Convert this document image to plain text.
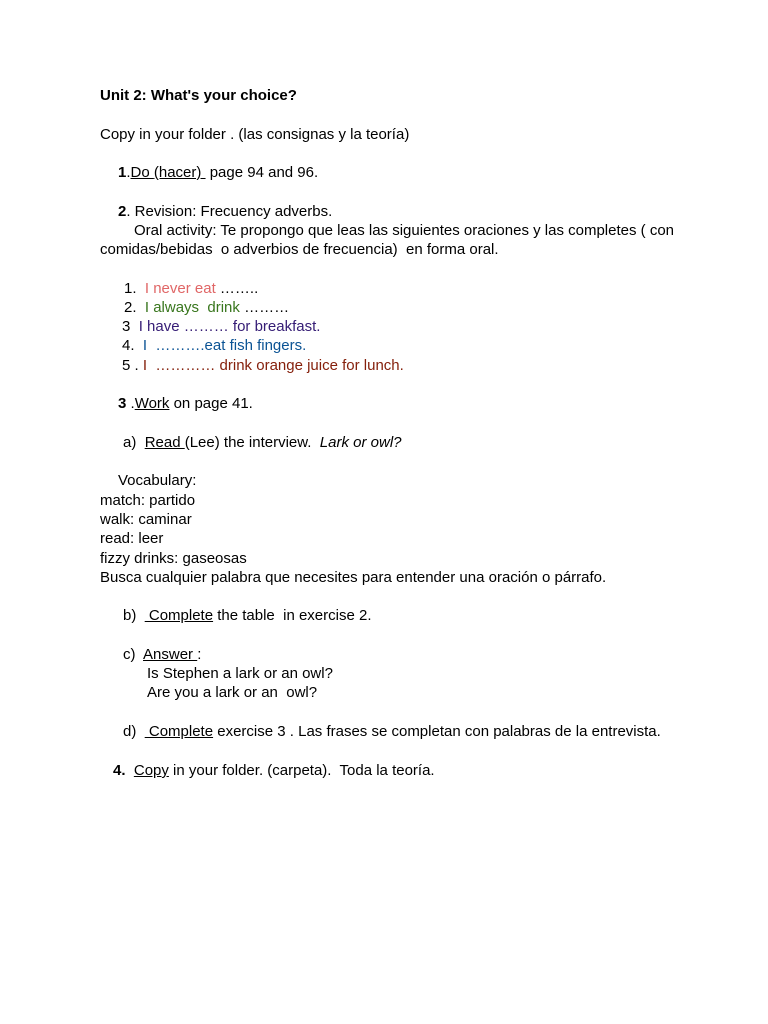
Unit 2: What's your choice?
Copy in your folder . (las consignas y la teoría)
1.Do (hacer)  page 94 and 96.
2. Revision: Frecuency adverbs.
Oral activity: Te propongo que leas las siguientes oraciones y las completes ( con
comidas/bebidas  o adverbios de frecuencia)  en forma oral.
1. I never eat ……..
2. I always  drink ………
3 I have ……… for breakfast.
4. I  ……….eat fish fingers.
5 . I  ………… drink orange juice for lunch.
3 .Work on page 41.
a) Read (Lee) the interview.  Lark or owl?
Vocabulary:
match: partido
walk: caminar
read: leer
fizzy drinks: gaseosas
Busca cualquier palabra que necesites para entender una oración o párrafo.
b)   Complete the table  in exercise 2.
c) Answer :
Is Stephen a lark or an owl?
Are you a lark or an  owl?
d)   Complete exercise 3 . Las frases se completan con palabras de la entrevista.
4. Copy in your folder. (carpeta).  Toda la teoría.
